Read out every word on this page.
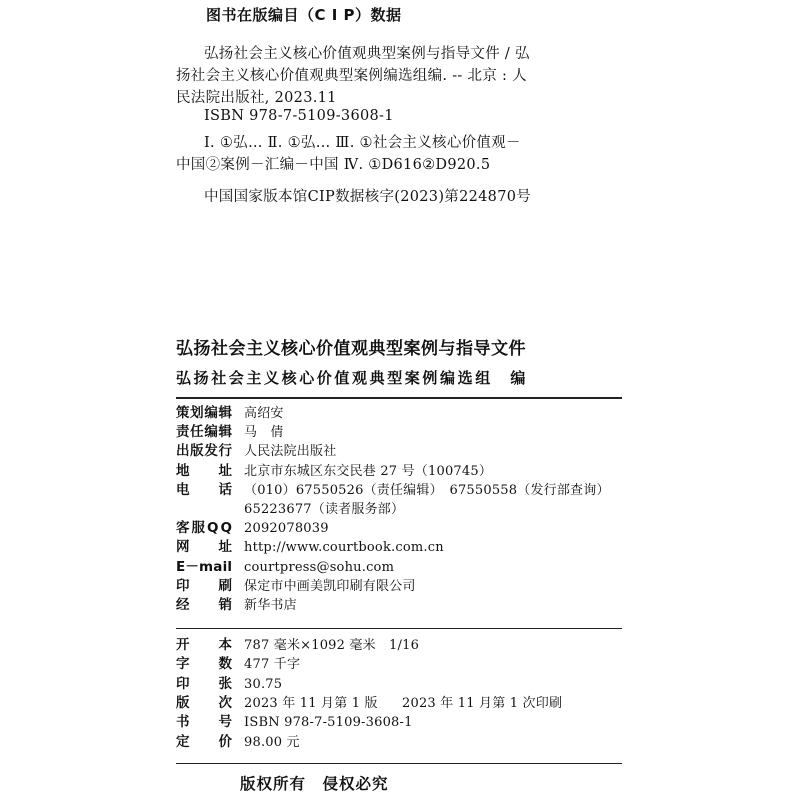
图书在版编目（C I P）数据
弘扬社会主义核心价值观典型案例与指导文件 / 弘
扬社会主义核心价值观典型案例编选组编. -- 北京 : 人
民法院出版社, 2023.11
ISBN 978-7-5109-3608-1
Ⅰ. ①弘… Ⅱ. ①弘… Ⅲ. ①社会主义核心价值观－
中国②案例－汇编－中国 Ⅳ. ①D616②D920.5
中国国家版本馆CIP数据核字(2023)第224870号
弘扬社会主义核心价值观典型案例与指导文件
弘扬社会主义核心价值观典型案例编选组　编
策 划 编 辑 高绍安
责 任 编 辑 马　倩
出 版 发 行 人民法院出版社
地 址 北京市东城区东交民巷 27 号（100745）
电 话 （010）67550526（责任编辑）　67550558（发行部查询）
65223677（读者服务部）
客 服 Q Q 2092078039
网 址 http://www.courtbook.com.cn
E － m a i l courtpress@sohu.com
印 刷 保定市中画美凯印刷有限公司
经 销 新华书店
开 本 787 毫米×1092 毫米　1/16
字 数 477 千字
印 张 30.75
版 次 2023 年 11 月第 1 版 2023 年 11 月第 1 次印刷
书 号 ISBN 978-7-5109-3608-1
定 价 98.00 元
版权所有　侵权必究
